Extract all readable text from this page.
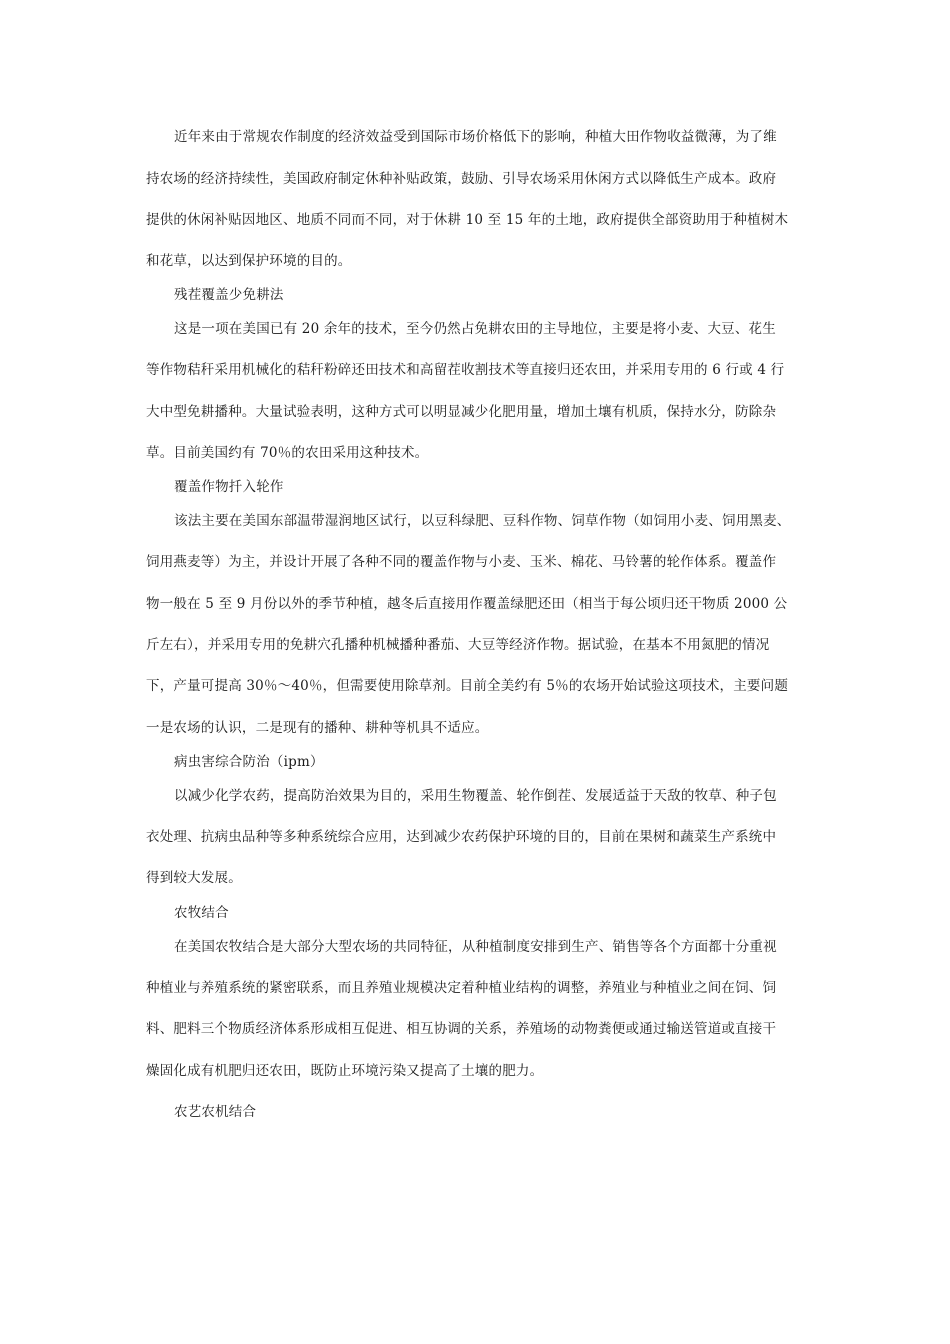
近年来由于常规农作制度的经济效益受到国际市场价格低下的影响，种植大田作物收益微薄，为了维
持农场的经济持续性，美国政府制定休种补贴政策，鼓励、引导农场采用休闲方式以降低生产成本。政府
提供的休闲补贴因地区、地质不同而不同，对于休耕 10 至 15 年的土地，政府提供全部资助用于种植树木
和花草，以达到保护环境的目的。
残茬覆盖少免耕法
这是一项在美国已有 20 余年的技术，至今仍然占免耕农田的主导地位，主要是将小麦、大豆、花生
等作物秸秆采用机械化的秸秆粉碎还田技术和高留茬收割技术等直接归还农田，并采用专用的 6 行或 4 行
大中型免耕播种。大量试验表明，这种方式可以明显减少化肥用量，增加土壤有机质，保持水分，防除杂
草。目前美国约有 70％的农田采用这种技术。
覆盖作物扦入轮作
该法主要在美国东部温带湿润地区试行，以豆科绿肥、豆科作物、饲草作物（如饲用小麦、饲用黑麦、
饲用燕麦等）为主，并设计开展了各种不同的覆盖作物与小麦、玉米、棉花、马铃薯的轮作体系。覆盖作
物一般在 5 至 9 月份以外的季节种植，越冬后直接用作覆盖绿肥还田（相当于每公顷归还干物质 2000 公
斤左右），并采用专用的免耕穴孔播种机械播种番茄、大豆等经济作物。据试验，在基本不用氮肥的情况
下，产量可提高 30％～40％，但需要使用除草剂。目前全美约有 5％的农场开始试验这项技术，主要问题
一是农场的认识，二是现有的播种、耕种等机具不适应。
病虫害综合防治（ipm）
以减少化学农药，提高防治效果为目的，采用生物覆盖、轮作倒茬、发展适益于天敌的牧草、种子包
衣处理、抗病虫品种等多种系统综合应用，达到减少农药保护环境的目的，目前在果树和蔬菜生产系统中
得到较大发展。
农牧结合
在美国农牧结合是大部分大型农场的共同特征，从种植制度安排到生产、销售等各个方面都十分重视
种植业与养殖系统的紧密联系，而且养殖业规模决定着种植业结构的调整，养殖业与种植业之间在饲、饲
料、肥料三个物质经济体系形成相互促进、相互协调的关系，养殖场的动物粪便或通过输送管道或直接干
燥固化成有机肥归还农田，既防止环境污染又提高了土壤的肥力。
农艺农机结合
